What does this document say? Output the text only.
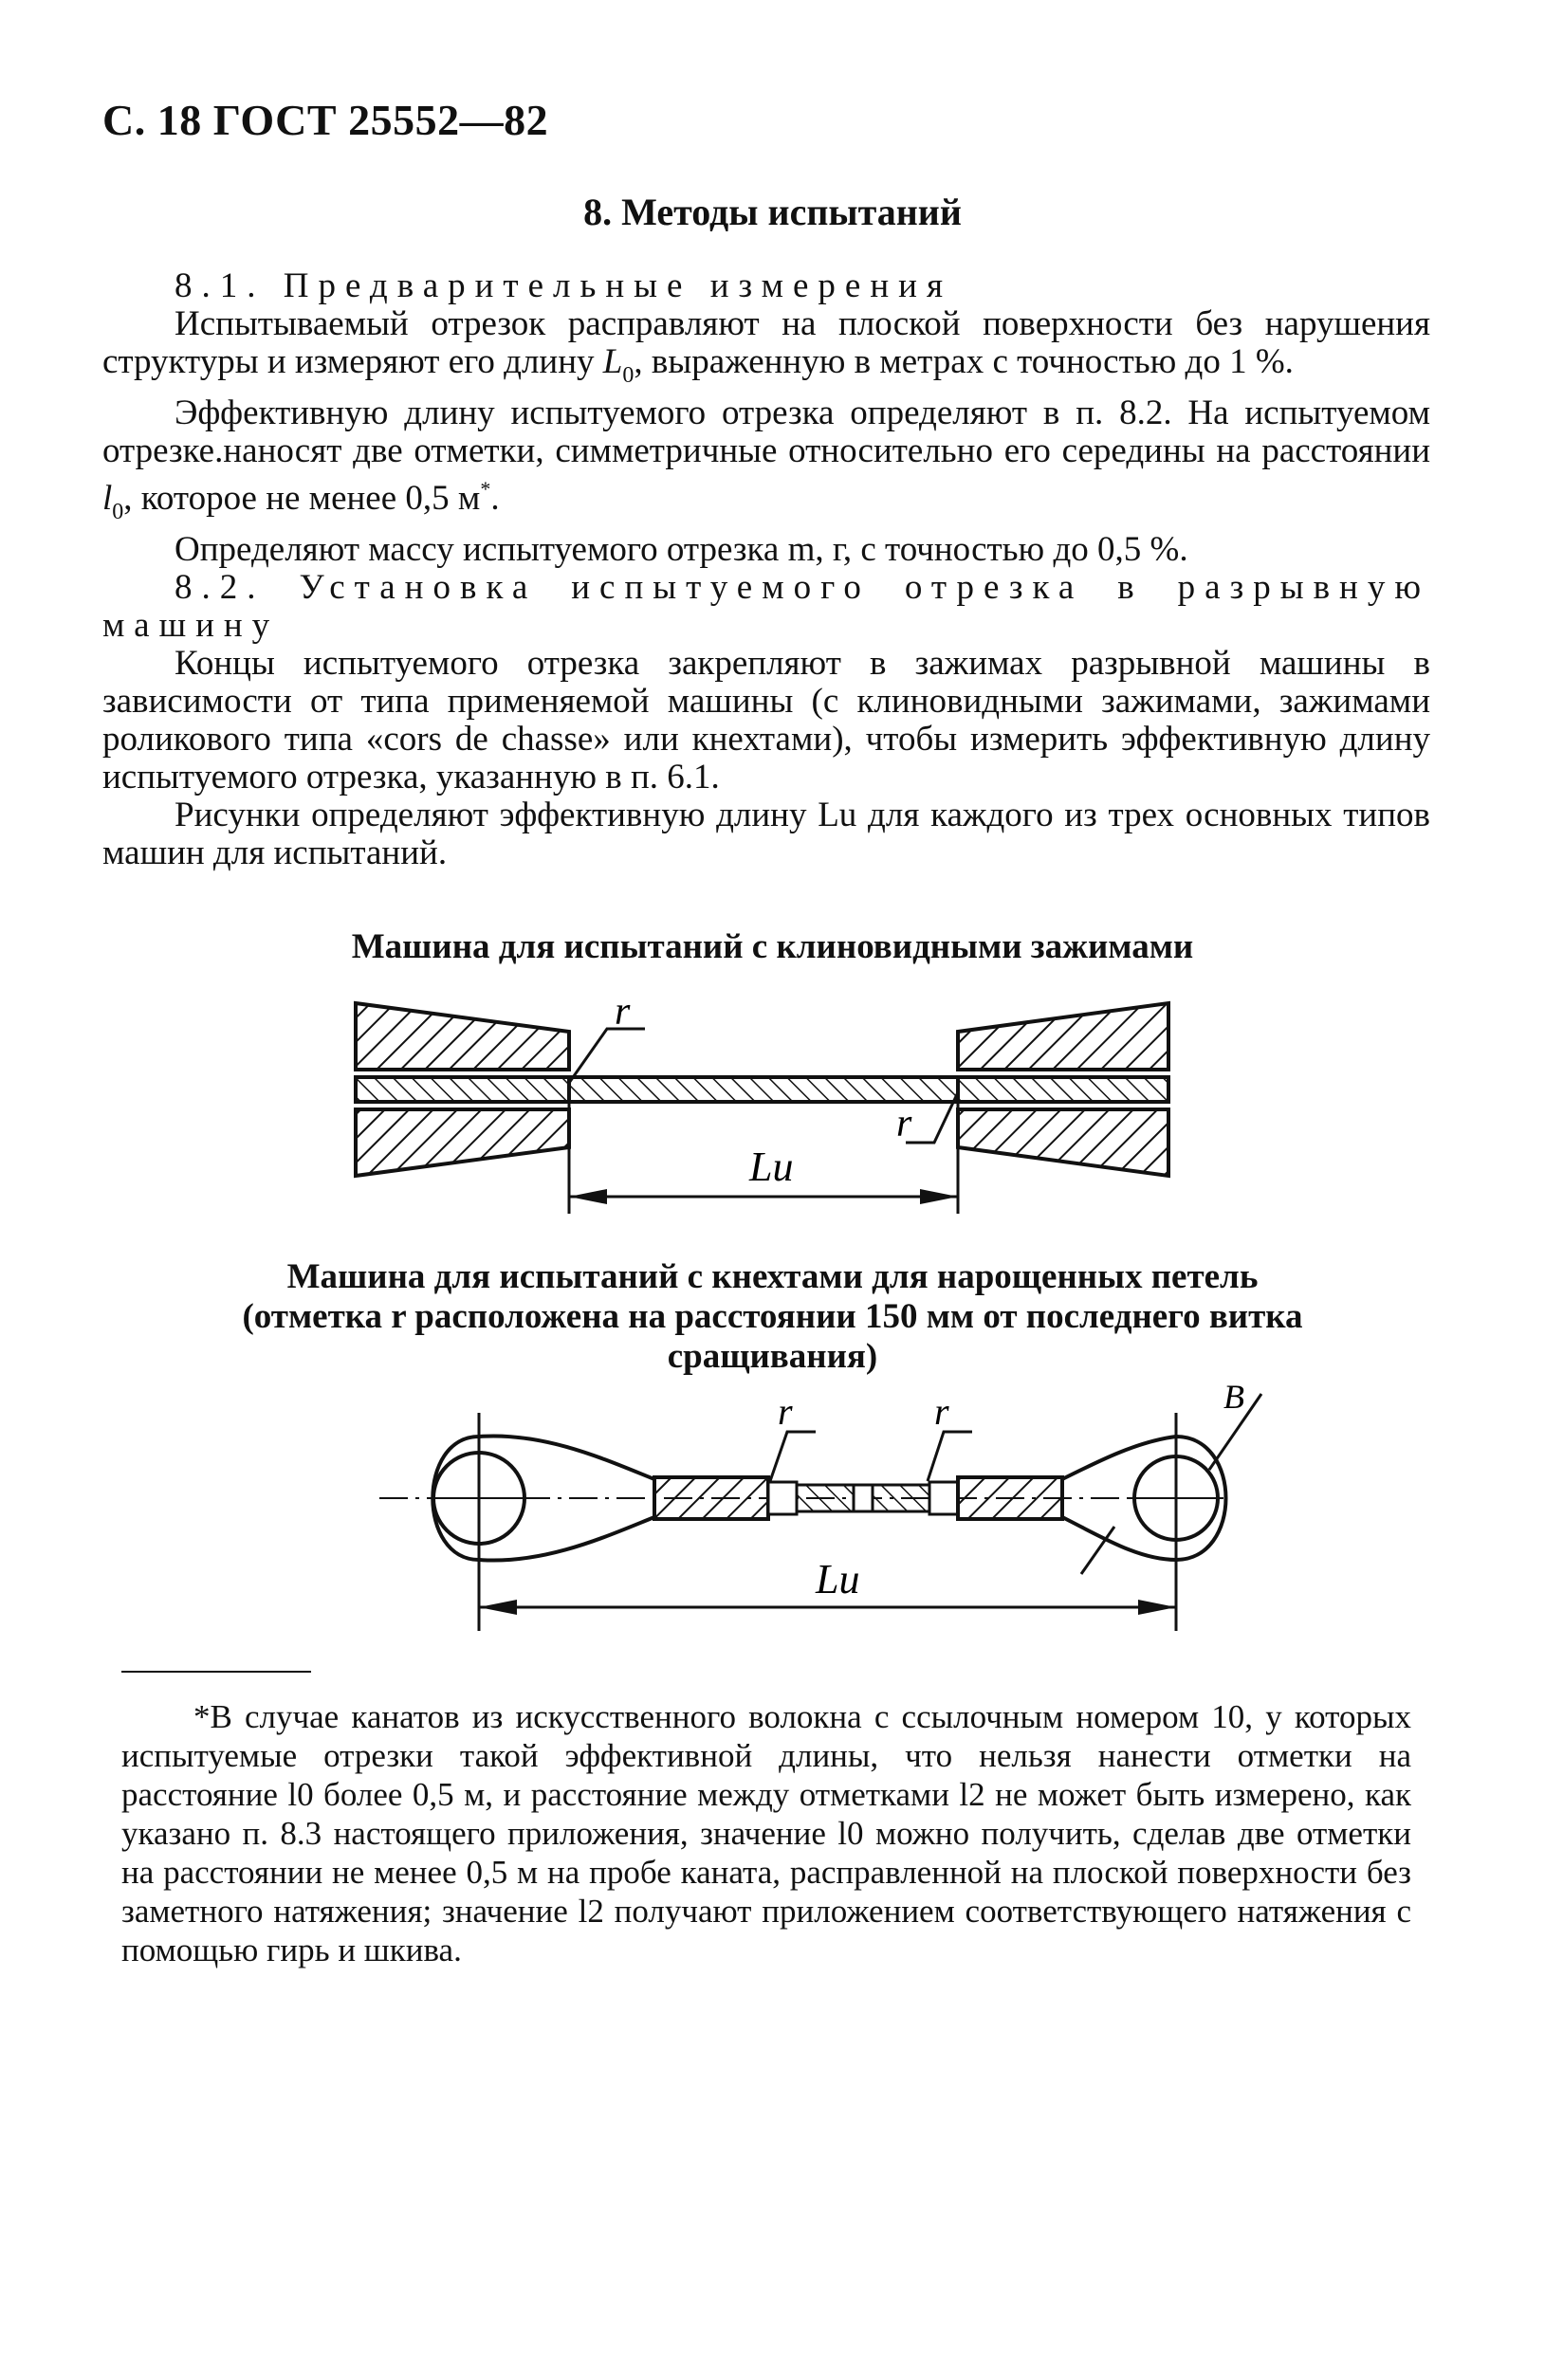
С. 18 ГОСТ 25552—82
8. Методы испытаний

8.1. Предварительные измерения

Испытываемый отрезок расправляют на плоской поверхности без нарушения структуры и измеряют его длину $L_0$, выраженную в метрах с точностью до 1 %.

Эффективную длину испытуемого отрезка определяют в п. 8.2. На испытуемом отрезке.наносят две отметки, симметричные относительно его середины на расстоянии $l_0$, которое не менее 0,5 м*.

Определяют массу испытуемого отрезка m, г, с точностью до 0,5 %.

8.2. Установка испытуемого отрезка в разрывную машину

Концы испытуемого отрезка закрепляют в зажимах разрывной машины в зависимости от типа применяемой машины (с клиновидными зажимами, зажимами роликового типа «cors de chasse» или кнехтами), чтобы измерить эффективную длину испытуемого отрезка, указанную в п. 6.1.

Рисунки определяют эффективную длину Lu для каждого из трех основных типов машин для испытаний.

Машина для испытаний с клиновидными зажимами
r
r
Lu
Машина для испытаний с кнехтами для нарощенных петель
(отметка r расположена на расстоянии 150 мм от последнего витка
сращивания)
r	r	B
Lu

*В случае канатов из искусственного волокна с ссылочным номером 10, у которых испытуемые отрезки такой эффективной длины, что нельзя нанести отметки на расстояние l0 более 0,5 м, и расстояние между отметками l2 не может быть измерено, как указано п. 8.3 настоящего приложения, значение l0 можно получить, сделав две отметки на расстоянии не менее 0,5 м на пробе каната, расправленной на плоской поверхности без заметного натяжения; значение l2 получают приложением соответствующего натяжения с помощью гирь и шкива.
